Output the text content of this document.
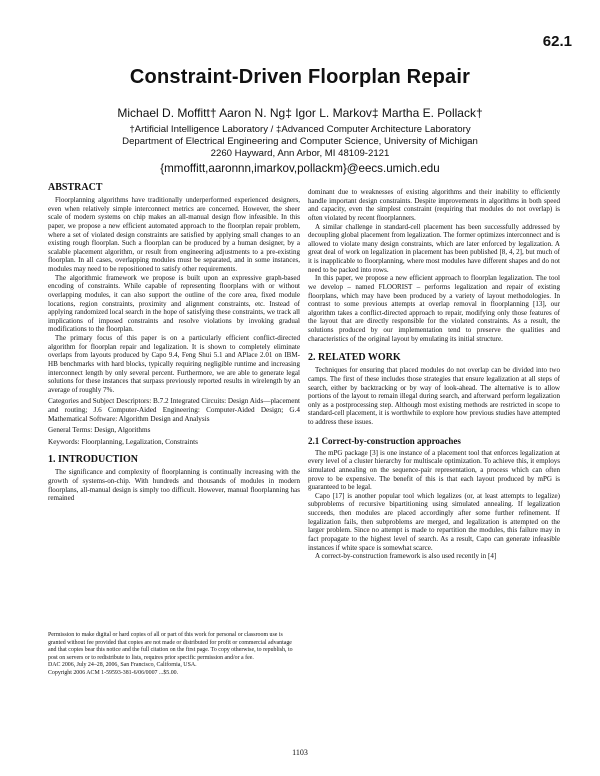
62.1
Constraint-Driven Floorplan Repair
Michael D. Moffitt† Aaron N. Ng‡ Igor L. Markov‡ Martha E. Pollack†
†Artificial Intelligence Laboratory / ‡Advanced Computer Architecture Laboratory
Department of Electrical Engineering and Computer Science, University of Michigan
2260 Hayward, Ann Arbor, MI 48109-2121
{mmoffitt,aaronnn,imarkov,pollackm}@eecs.umich.edu
ABSTRACT

Floorplanning algorithms have traditionally underperformed experienced designers, even when relatively simple interconnect metrics are concerned. However, the sheer scale of modern systems on chip makes an all-manual design flow infeasible. In this paper, we propose a new efficient automated approach to the floorplan repair problem, where a set of violated design constraints are satisfied by applying small changes to an existing rough floorplan. Such a floorplan can be produced by a human designer, by a scalable placement algorithm, or result from engineering adjustments to a pre-existing floorplan. In all cases, overlapping modules must be separated, and in some instances, modules may need to be repositioned to satisfy other requirements.

The algorithmic framework we propose is built upon an expressive graph-based encoding of constraints. While capable of representing floorplans with or without overlapping modules, it can also support the outline of the core area, fixed module locations, region constraints, proximity and alignment constraints, etc. Instead of applying randomized local search in the hope of satisfying these constraints, we track all implications of imposed constraints and resolve violations by invoking gradual modifications to the floorplan.

The primary focus of this paper is on a particularly efficient conflict-directed algorithm for floorplan repair and legalization. It is shown to completely eliminate overlaps from layouts produced by Capo 9.4, Feng Shui 5.1 and APlace 2.01 on IBM-HB benchmarks with hard blocks, typically requiring negligible runtime and increasing interconnect length by only several percent. Furthermore, we are able to generate legal solutions for these instances that surpass previously reported results in wirelength by an average of roughly 7%.

Categories and Subject Descriptors: B.7.2 Integrated Circuits: Design Aids—placement and routing; J.6 Computer-Aided Engineering: Computer-Aided Design; G.4 Mathematical Software: Algorithm Design and Analysis

General Terms: Design, Algorithms

Keywords: Floorplanning, Legalization, Constraints

1. INTRODUCTION

The significance and complexity of floorplanning is continually increasing with the growth of systems-on-chip. With hundreds and thousands of modules in modern floorplans, all-manual design is simply too difficult. However, manual floorplanning has remained

Permission to make digital or hard copies of all or part of this work for personal or classroom use is granted without fee provided that copies are not made or distributed for profit or commercial advantage and that copies bear this notice and the full citation on the first page. To copy otherwise, to republish, to post on servers or to redistribute to lists, requires prior specific permission and/or a fee.

DAC 2006, July 24–28, 2006, San Francisco, California, USA.

Copyright 2006 ACM 1-59593-381-6/06/0007 ...$5.00.

dominant due to weaknesses of existing algorithms and their inability to efficiently handle important design constraints. Despite improvements in algorithms in both speed and capacity, even the simplest constraint (requiring that modules do not overlap) is often violated by recent floorplanners.

A similar challenge in standard-cell placement has been successfully addressed by decoupling global placement from legalization. The former optimizes interconnect and is allowed to violate many design constraints, which are later enforced by legalization. A great deal of work on legalization in placement has been published [8, 4, 2], but much of it is inapplicable to floorplanning, where most modules have different shapes and do not need to be packed into rows.

In this paper, we propose a new efficient approach to floorplan legalization. The tool we develop – named FLOORIST – performs legalization and repair of existing floorplans, which may have been produced by a variety of layout methodologies. In contrast to some previous attempts at overlap removal in floorplanning [13], our algorithm takes a conflict-directed approach to repair, modifying only those features of the layout that are directly responsible for the violated constraints. As a result, the solutions produced by our implementation tend to preserve the qualities and characteristics of the original layout by emulating its initial structure.

2. RELATED WORK

Techniques for ensuring that placed modules do not overlap can be divided into two camps. The first of these includes those strategies that ensure legalization at all steps of search, either by backtracking or by way of look-ahead. The alternative is to allow portions of the layout to remain illegal during search, and afterward perform legalization only as a postprocessing step. Although most existing methods are restricted in scope to standard-cell placement, it is worthwhile to explore how previous studies have attempted to address these issues.

2.1 Correct-by-construction approaches

The mPG package [3] is one instance of a placement tool that enforces legalization at every level of a cluster hierarchy for multiscale optimization. To achieve this, it employs simulated annealing on the sequence-pair representation, a process which can often prove to be expensive. The benefit of this is that each layout produced by mPG is guaranteed to be legal.

Capo [17] is another popular tool which legalizes (or, at least attempts to legalize) subproblems of recursive bipartitioning using simulated annealing. If legalization succeeds, then modules are placed accordingly after some further refinement. If legalization fails, then subproblems are merged, and legalization is attempted on the larger problem. Since no attempt is made to repartition the modules, this failure may in fact propagate to the highest level of search. As a result, Capo can generate infeasible instances if white space is somewhat scarce.

A correct-by-construction framework is also used recently in [4]

1103
